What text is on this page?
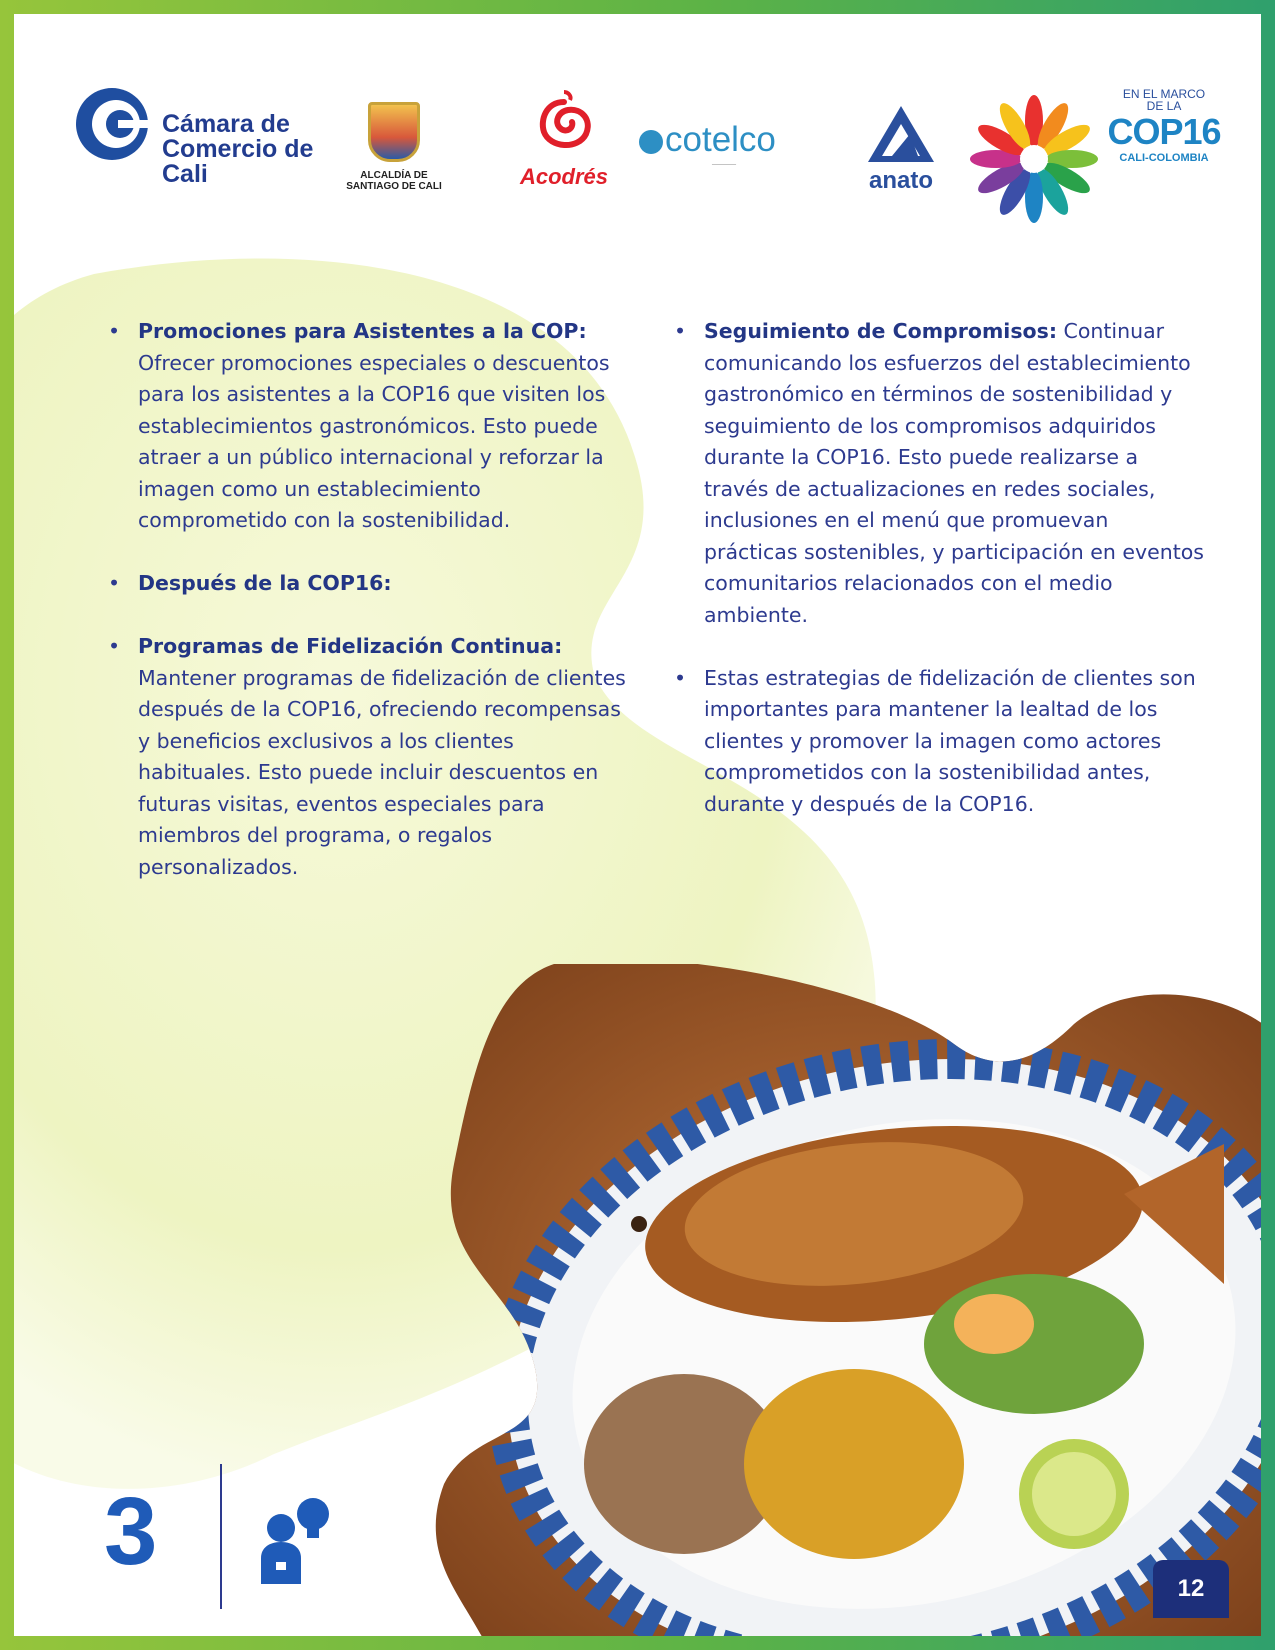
Cámara de
Comercio de
Cali	ALCALDÍA DE
SANTIAGO DE CALI	Acodrés
cotelco
────────
anato
EN EL MARCO
DE LA
COP16
CALI-COLOMBIA
• Promociones para Asistentes a la COP:
Ofrecer promociones especiales o descuentos para los asistentes a la COP16 que visiten los establecimientos gastronómicos. Esto puede atraer a un público internacional y reforzar la imagen como un establecimiento comprometido con la sostenibilidad.

• Después de la COP16:

• Programas de Fidelización Continua:
Mantener programas de fidelización de clientes después de la COP16, ofreciendo recompensas y beneficios exclusivos a los clientes habituales. Esto puede incluir descuentos en futuras visitas, eventos especiales para miembros del programa, o regalos personalizados.

• Seguimiento de Compromisos: Continuar comunicando los esfuerzos del establecimiento gastronómico en términos de sostenibilidad y seguimiento de los compromisos adquiridos durante la COP16. Esto puede realizarse a través de actualizaciones en redes sociales, inclusiones en el menú que promuevan prácticas sostenibles, y participación en eventos comunitarios relacionados con el medio ambiente.

• Estas estrategias de fidelización de clientes son importantes para mantener la lealtad de los clientes y promover la imagen como actores comprometidos con la sostenibilidad antes, durante y después de la COP16.

3
12
